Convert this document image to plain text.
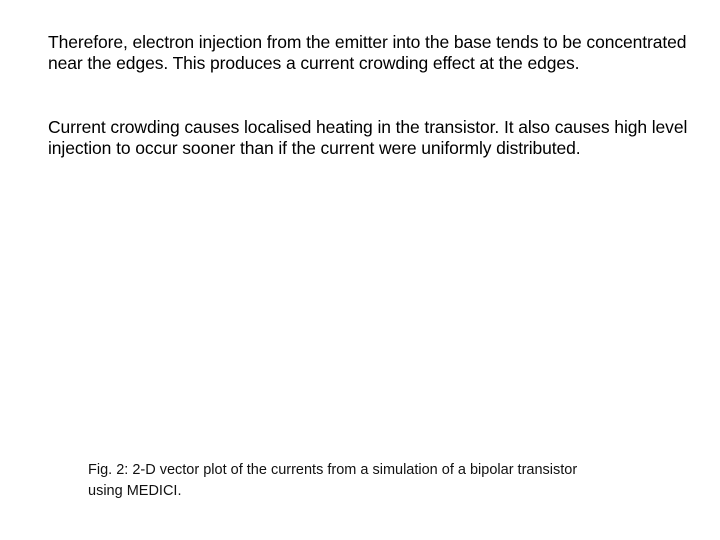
Therefore, electron injection from the emitter into the base tends to be concentrated near the edges. This produces a current crowding effect at the edges.

Current crowding causes localised heating in the transistor. It also causes high level injection to occur sooner than if the current were uniformly distributed.

Fig. 2: 2-D vector plot of the currents from a simulation of a bipolar transistor using MEDICI.
